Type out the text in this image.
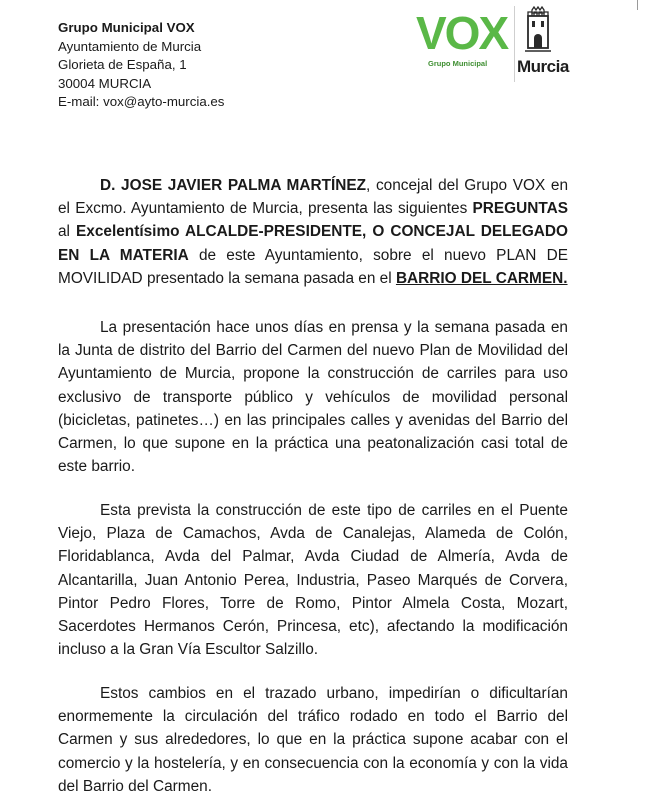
Grupo Municipal VOX
Ayuntamiento de Murcia
Glorieta de España, 1
30004 MURCIA
E-mail: vox@ayto-murcia.es
VOX
Grupo Municipal Murcia

D. JOSE JAVIER PALMA MARTÍNEZ, concejal del Grupo VOX en el Excmo. Ayuntamiento de Murcia, presenta las siguientes PREGUNTAS al Excelentísimo ALCALDE-PRESIDENTE, O CONCEJAL DELEGADO EN LA MATERIA de este Ayuntamiento, sobre el nuevo PLAN DE MOVILIDAD presentado la semana pasada en el BARRIO DEL CARMEN.

La presentación hace unos días en prensa y la semana pasada en la Junta de distrito del Barrio del Carmen del nuevo Plan de Movilidad del Ayuntamiento de Murcia, propone la construcción de carriles para uso exclusivo de transporte público y vehículos de movilidad personal (bicicletas, patinetes…) en las principales calles y avenidas del Barrio del Carmen, lo que supone en la práctica una peatonalización casi total de este barrio.

Esta prevista la construcción de este tipo de carriles en el Puente Viejo, Plaza de Camachos, Avda de Canalejas, Alameda de Colón, Floridablanca, Avda del Palmar, Avda Ciudad de Almería, Avda de Alcantarilla, Juan Antonio Perea, Industria, Paseo Marqués de Corvera, Pintor Pedro Flores, Torre de Romo, Pintor Almela Costa, Mozart, Sacerdotes Hermanos Cerón, Princesa, etc), afectando la modificación incluso a la Gran Vía Escultor Salzillo.

Estos cambios en el trazado urbano, impedirían o dificultarían enormemente la circulación del tráfico rodado en todo el Barrio del Carmen y sus alrededores, lo que en la práctica supone acabar con el comercio y la hostelería, y en consecuencia con la economía y con la vida del Barrio del Carmen.
